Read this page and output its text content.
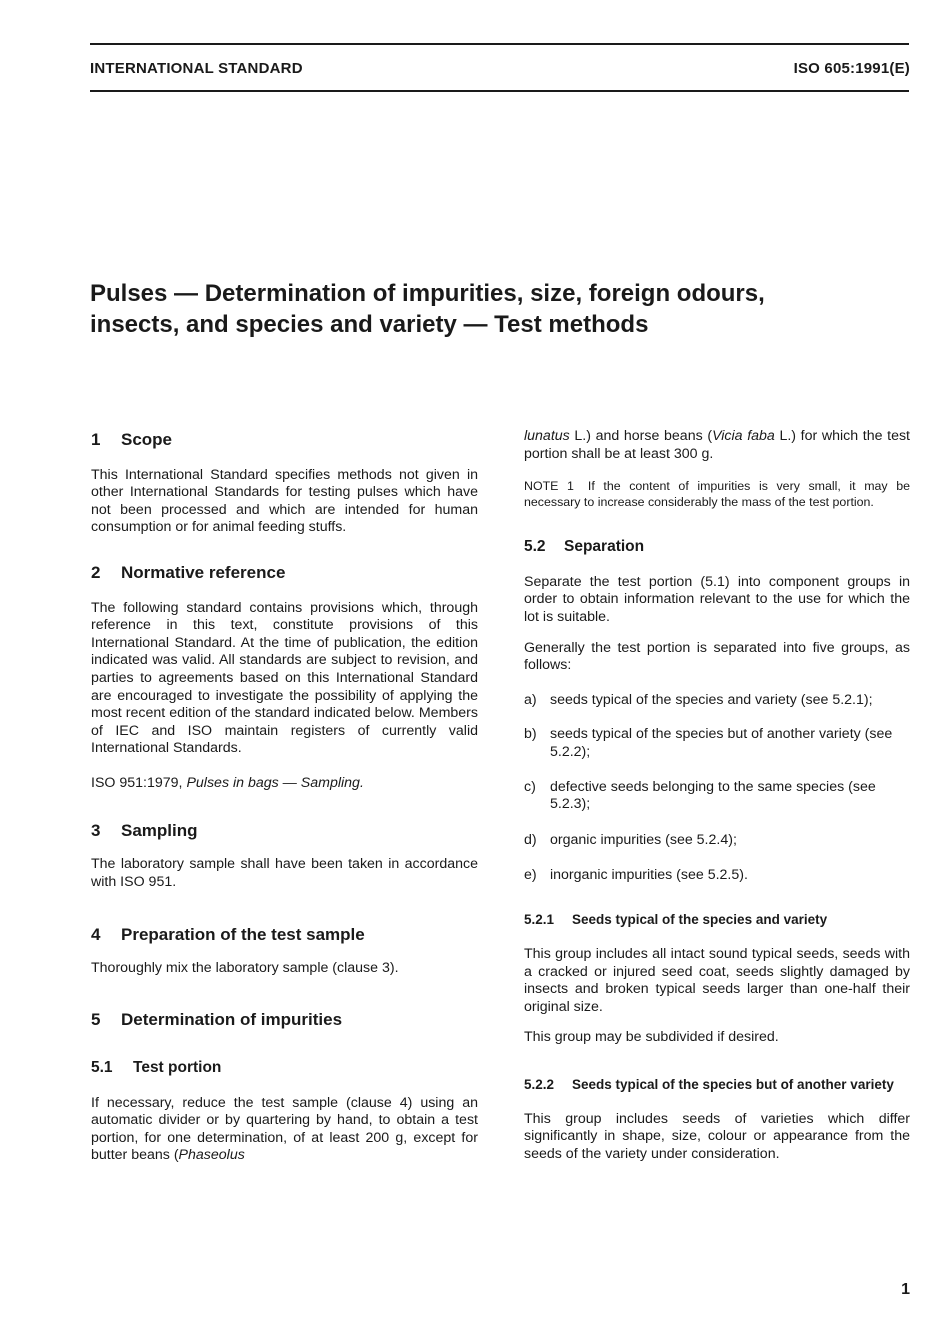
INTERNATIONAL STANDARD	ISO 605:1991(E)
Pulses — Determination of impurities, size, foreign odours,
insects, and species and variety — Test methods
1 Scope

This International Standard specifies methods not given in other International Standards for testing pulses which have not been processed and which are intended for human consumption or for animal feeding stuffs.

2 Normative reference

The following standard contains provisions which, through reference in this text, constitute provisions of this International Standard. At the time of publication, the edition indicated was valid. All standards are subject to revision, and parties to agreements based on this International Standard are encouraged to investigate the possibility of applying the most recent edition of the standard indicated below. Members of IEC and ISO maintain registers of currently valid International Standards.

ISO 951:1979, Pulses in bags — Sampling.

3 Sampling

The laboratory sample shall have been taken in accordance with ISO 951.

4 Preparation of the test sample

Thoroughly mix the laboratory sample (clause 3).

5 Determination of impurities
5.1 Test portion

If necessary, reduce the test sample (clause 4) using an automatic divider or by quartering by hand, to obtain a test portion, for one determination, of at least 200 g, except for butter beans (Phaseolus

lunatus L.) and horse beans (Vicia faba L.) for which the test portion shall be at least 300 g.

NOTE 1 If the content of impurities is very small, it may be necessary to increase considerably the mass of the test portion.

5.2 Separation

Separate the test portion (5.1) into component groups in order to obtain information relevant to the use for which the lot is suitable.

Generally the test portion is separated into five groups, as follows:

a) seeds typical of the species and variety (see 5.2.1);
b) seeds typical of the species but of another variety (see 5.2.2);
c) defective seeds belonging to the same species (see 5.2.3);
d) organic impurities (see 5.2.4);
e) inorganic impurities (see 5.2.5).
5.2.1 Seeds typical of the species and variety

This group includes all intact sound typical seeds, seeds with a cracked or injured seed coat, seeds slightly damaged by insects and broken typical seeds larger than one-half their original size.

This group may be subdivided if desired.

5.2.2 Seeds typical of the species but of another variety

This group includes seeds of varieties which differ significantly in shape, size, colour or appearance from the seeds of the variety under consideration.

1
